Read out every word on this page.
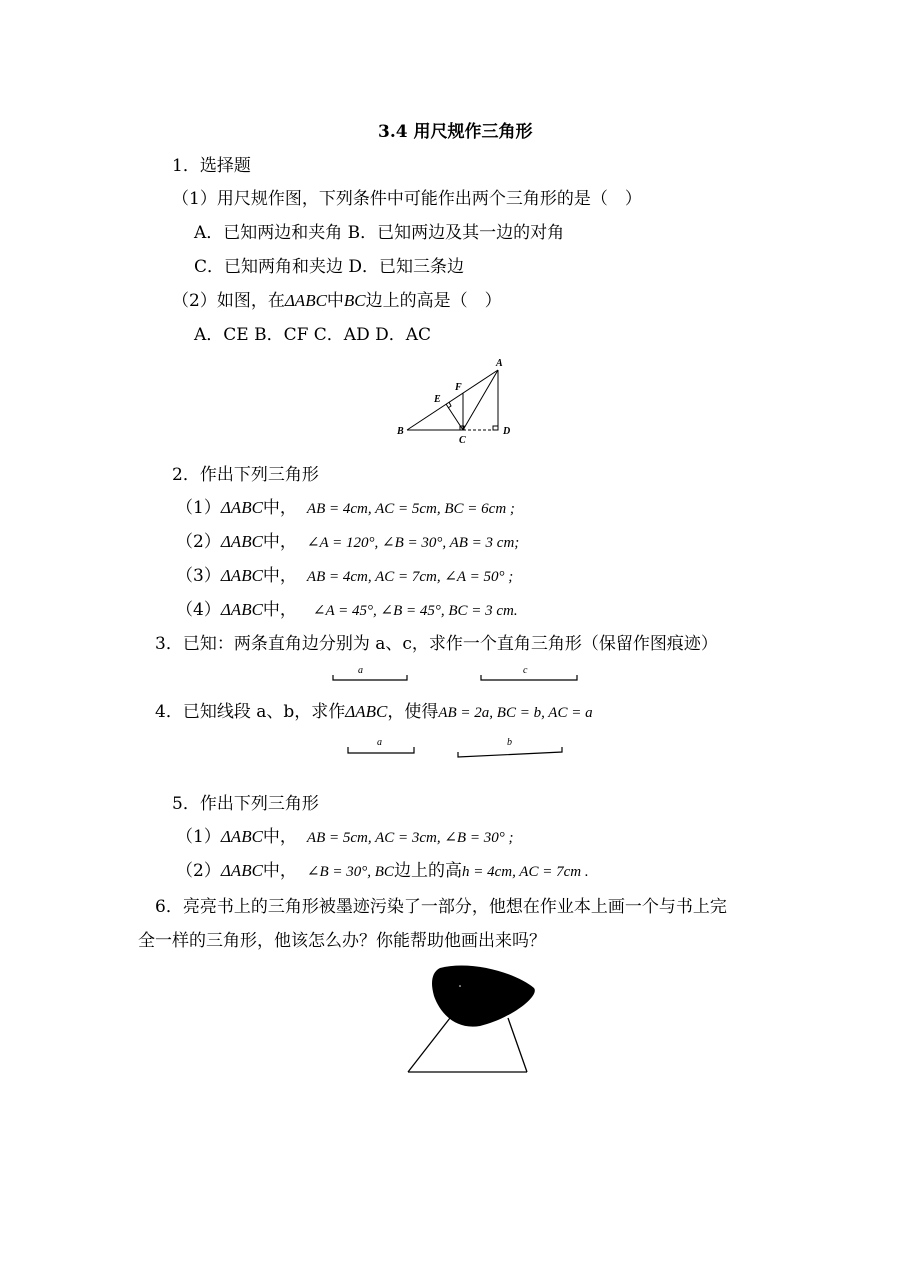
3.4 用尺规作三角形
1．选择题
（1）用尺规作图，下列条件中可能作出两个三角形的是（　）
A．已知两边和夹角 B．已知两边及其一边的对角
C．已知两角和夹边 D．已知三条边
（2）如图，在ΔABC中BC边上的高是（　）
A．CE B．CF C．AD D．AC
A
B
C
D
E
F
2．作出下列三角形
（1）ΔABC中， AB = 4cm, AC = 5cm, BC = 6cm ;
（2）ΔABC中， ∠A = 120°, ∠B = 30°, AB = 3 cm;
（3）ΔABC中， AB = 4cm, AC = 7cm, ∠A = 50° ;
（4）ΔABC中， ∠A = 45°, ∠B = 45°, BC = 3 cm.
3．已知：两条直角边分别为 a、c，求作一个直角三角形（保留作图痕迹）
a	c
4．已知线段 a、b，求作ΔABC，使得AB = 2a, BC = b, AC = a
a	b
5．作出下列三角形
（1）ΔABC中， AB = 5cm, AC = 3cm, ∠B = 30° ;
（2）ΔABC中， ∠B = 30°, BC边上的高h = 4cm, AC = 7cm .
6．亮亮书上的三角形被墨迹污染了一部分，他想在作业本上画一个与书上完
全一样的三角形，他该怎么办？你能帮助他画出来吗？
